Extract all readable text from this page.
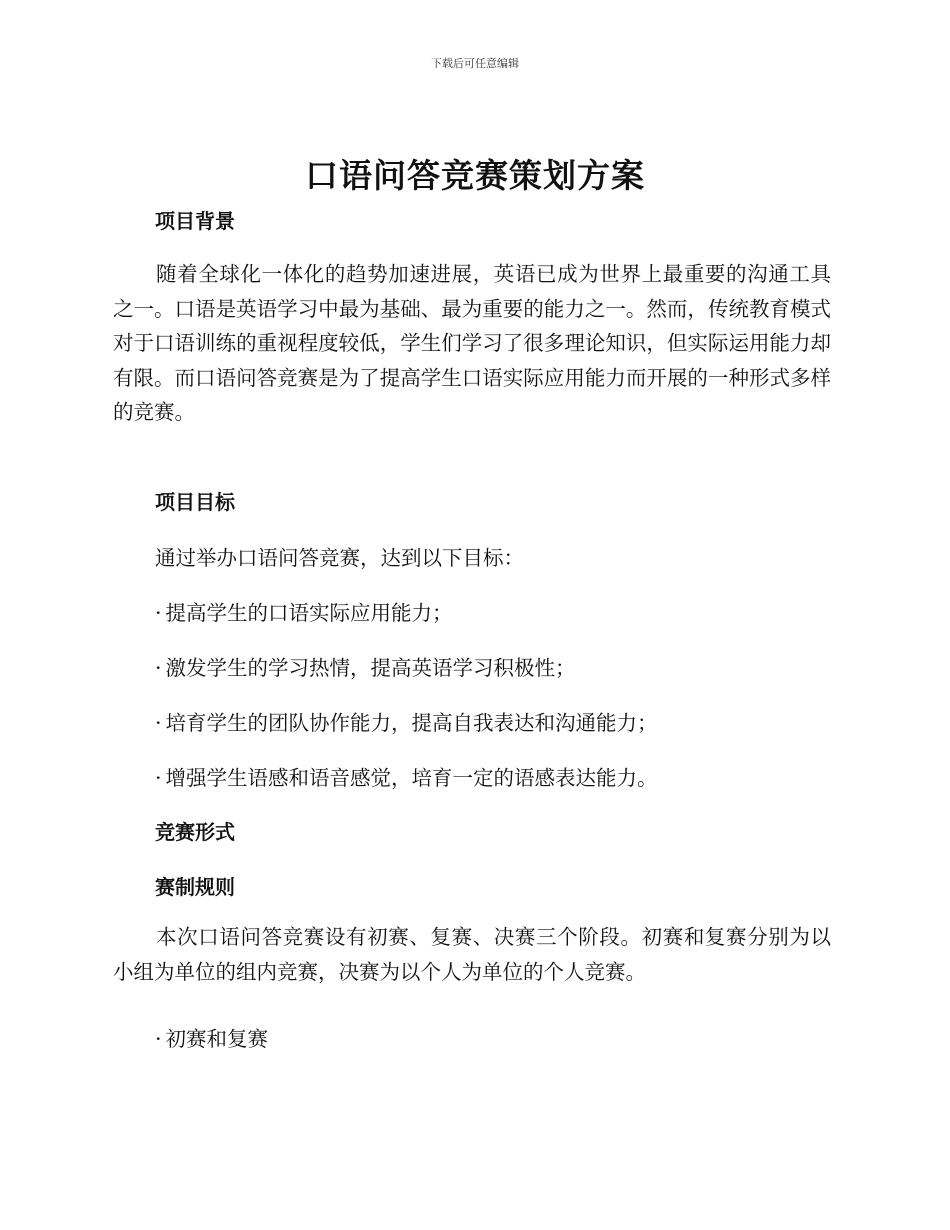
下载后可任意编辑
口语问答竞赛策划方案
项目背景

随着全球化一体化的趋势加速进展，英语已成为世界上最重要的沟通工具之一。口语是英语学习中最为基础、最为重要的能力之一。然而，传统教育模式对于口语训练的重视程度较低，学生们学习了很多理论知识，但实际运用能力却有限。而口语问答竞赛是为了提高学生口语实际应用能力而开展的一种形式多样的竞赛。

项目目标
通过举办口语问答竞赛，达到以下目标：
· 提高学生的口语实际应用能力；
· 激发学生的学习热情，提高英语学习积极性；
· 培育学生的团队协作能力，提高自我表达和沟通能力；
· 增强学生语感和语音感觉，培育一定的语感表达能力。
竞赛形式
赛制规则

本次口语问答竞赛设有初赛、复赛、决赛三个阶段。初赛和复赛分别为以小组为单位的组内竞赛，决赛为以个人为单位的个人竞赛。

· 初赛和复赛
